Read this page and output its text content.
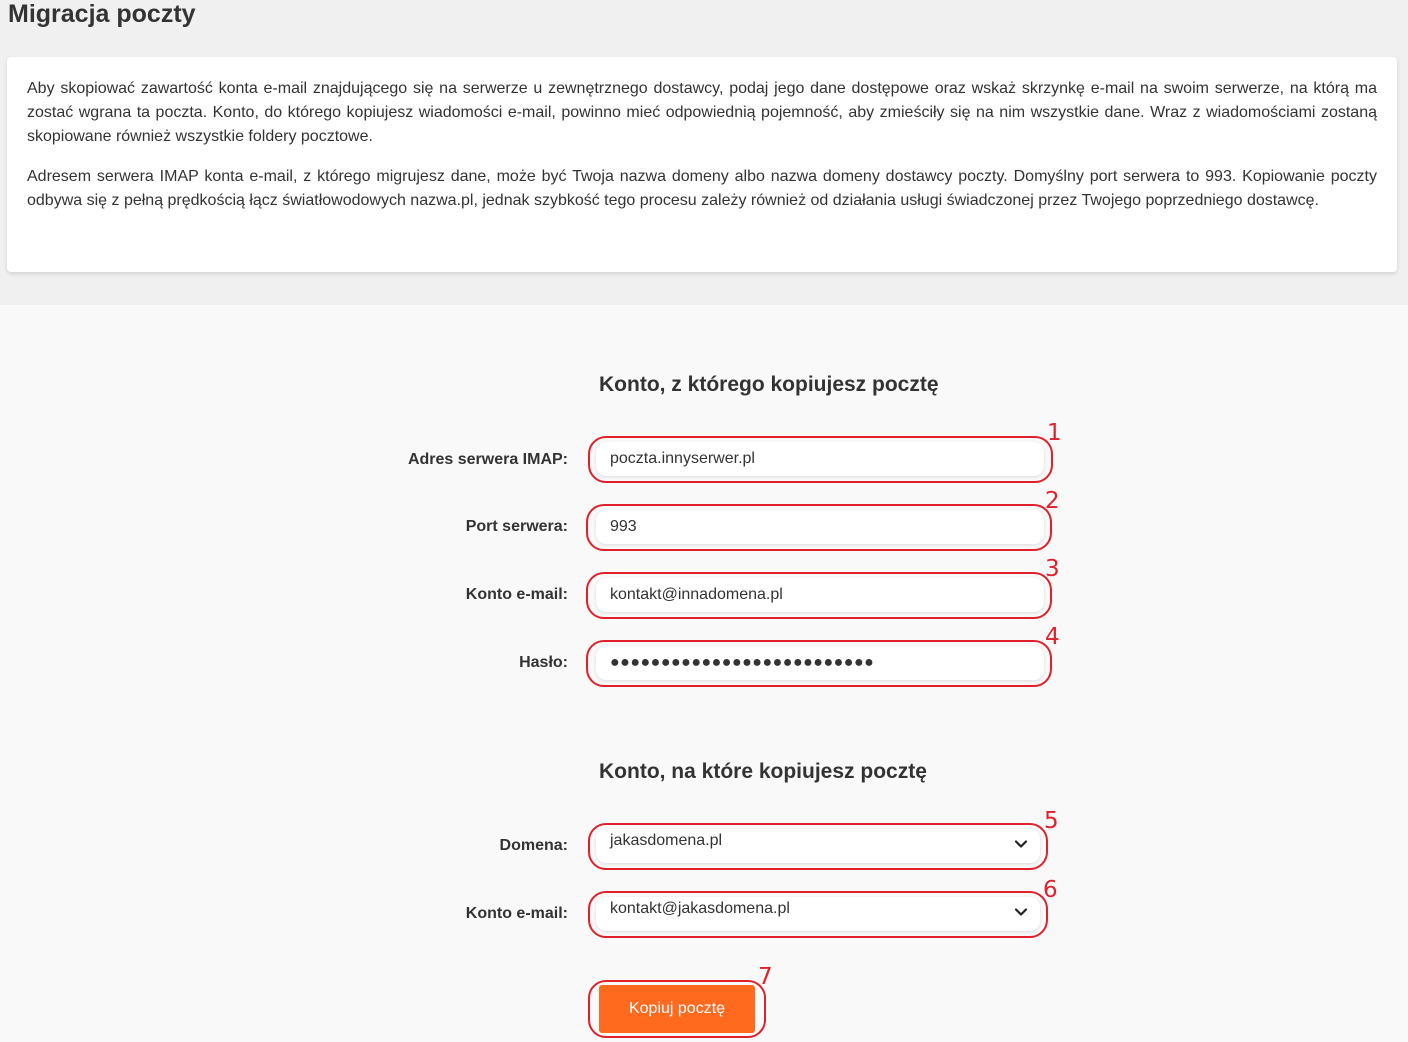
Migracja poczty

Aby skopiować zawartość konta e-mail znajdującego się na serwerze u zewnętrznego dostawcy, podaj jego dane dostępowe oraz wskaż skrzynkę e-mail na swoim serwerze, na którą ma zostać wgrana ta poczta. Konto, do którego kopiujesz wiadomości e-mail, powinno mieć odpowiednią pojemność, aby zmieściły się na nim wszystkie dane. Wraz z wiadomościami zostaną skopiowane również wszystkie foldery pocztowe.

Adresem serwera IMAP konta e-mail, z którego migrujesz dane, może być Twoja nazwa domeny albo nazwa domeny dostawcy poczty. Domyślny port serwera to 993. Kopiowanie poczty odbywa się z pełną prędkością łącz światłowodowych nazwa.pl, jednak szybkość tego procesu zależy również od działania usługi świadczonej przez Twojego poprzedniego dostawcę.

Konto, z którego kopiujesz pocztę
Adres serwera IMAP:	poczta.innyserwer.pl
1
Port serwera:	993
2
Konto e-mail:	kontakt@innadomena.pl
3
Hasło:	●●●●●●●●●●●●●●●●●●●●●●●●●●
4
Konto, na które kopiujesz pocztę
Domena:	jakasdomena.pl
5
Konto e-mail:	kontakt@jakasdomena.pl
6
Kopiuj pocztę
7
